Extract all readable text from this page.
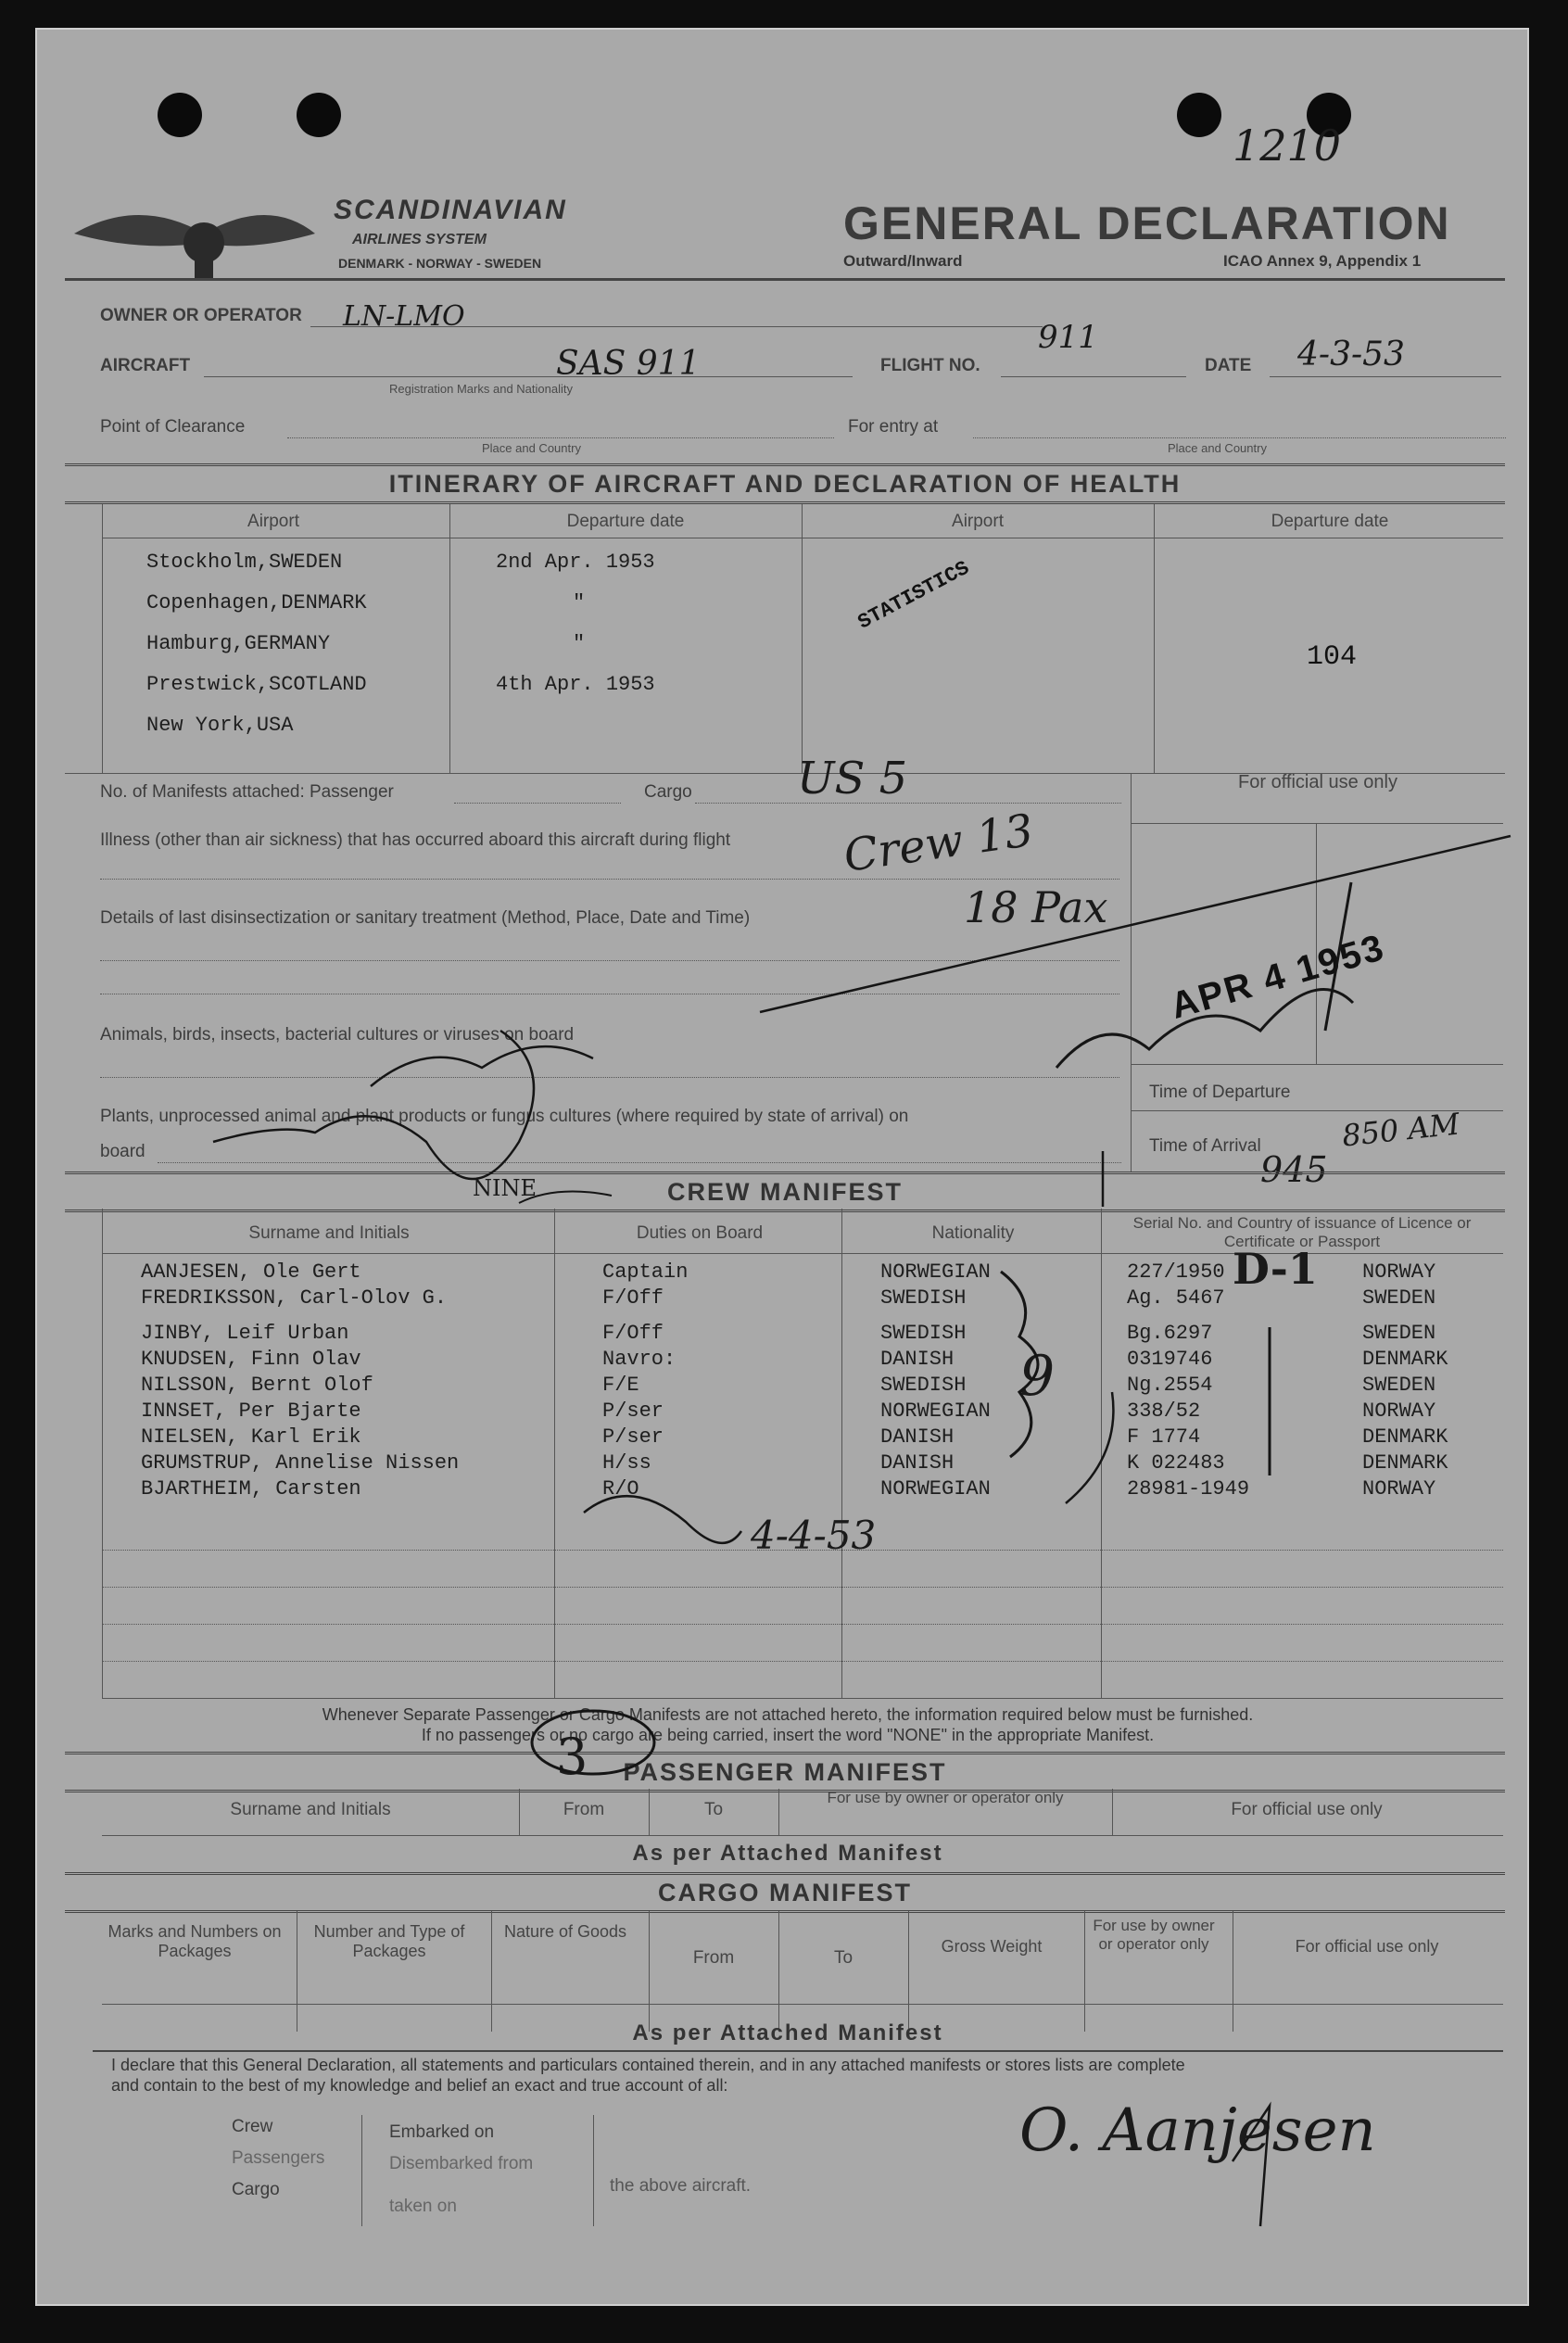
1210
SCANDINAVIAN
AIRLINES SYSTEM
DENMARK - NORWAY - SWEDEN
GENERAL DECLARATION
Outward/Inward	ICAO Annex 9, Appendix 1
OWNER OR OPERATOR LN-LMO
AIRCRAFT	SAS 911
Registration Marks and Nationality
FLIGHT NO.
911
DATE 4-3-53
Point of Clearance
Place and Country
For entry at
Place and Country
ITINERARY OF AIRCRAFT AND DECLARATION OF HEALTH
Airport	Departure date	Airport	Departure date
Stockholm,SWEDEN	2nd Apr. 1953
Copenhagen,DENMARK	"
Hamburg,GERMANY	"
Prestwick,SCOTLAND	4th Apr. 1953
New York,USA
STATISTICS
104
No. of Manifests attached: Passenger	Cargo US 5	For official use only
Illness (other than air sickness) that has occurred aboard this aircraft during flight Crew 13
Details of last disinsectization or sanitary treatment (Method, Place, Date and Time)	18 Pax
Animals, birds, insects, bacterial cultures or viruses on board
APR 4 1953
Plants, unprocessed animal and plant products or fungus cultures (where required by state of arrival) on
board
Time of Departure
Time of Arrival	850 AM
945
CREW MANIFEST
NINE
Surname and Initials	Duties on Board	Nationality
Serial No. and Country of issuance of Licence or Certificate or Passport
AANJESEN, Ole Gert	Captain	NORWEGIAN	227/1950	NORWAY
FREDRIKSSON, Carl-Olov G.	F/Off	SWEDISH	Ag. 5467	SWEDEN
JINBY, Leif Urban	F/Off	SWEDISH	Bg.6297	SWEDEN
KNUDSEN, Finn Olav	Navro:	DANISH	0319746	DENMARK
NILSSON, Bernt Olof	F/E	SWEDISH	Ng.2554	SWEDEN
INNSET, Per Bjarte	P/ser	NORWEGIAN	338/52	NORWAY
NIELSEN, Karl Erik	P/ser	DANISH	F 1774	DENMARK
GRUMSTRUP, Annelise Nissen	H/ss	DANISH	K 022483	DENMARK
BJARTHEIM, Carsten	R/O	NORWEGIAN	28981-1949	NORWAY
4-4-53
D-1
9
Whenever Separate Passenger or Cargo Manifests are not attached hereto, the information required below must be furnished.
If no passengers or no cargo are being carried, insert the word "NONE" in the appropriate Manifest.
PASSENGER MANIFEST
3
Surname and Initials	From	To
For use by owner or operator only
For official use only
As per Attached Manifest
CARGO MANIFEST
Marks and Numbers on Packages
Number and Type of Packages
Nature of Goods
From	To
Gross Weight
For use by owner or operator only	For official use only
As per Attached Manifest
I declare that this General Declaration, all statements and particulars contained therein, and in any attached manifests or stores lists are complete
and contain to the best of my knowledge and belief an exact and true account of all:
Crew
Passengers
Cargo
Embarked on
Disembarked from
taken on
the above aircraft.
O. Aanjesen
